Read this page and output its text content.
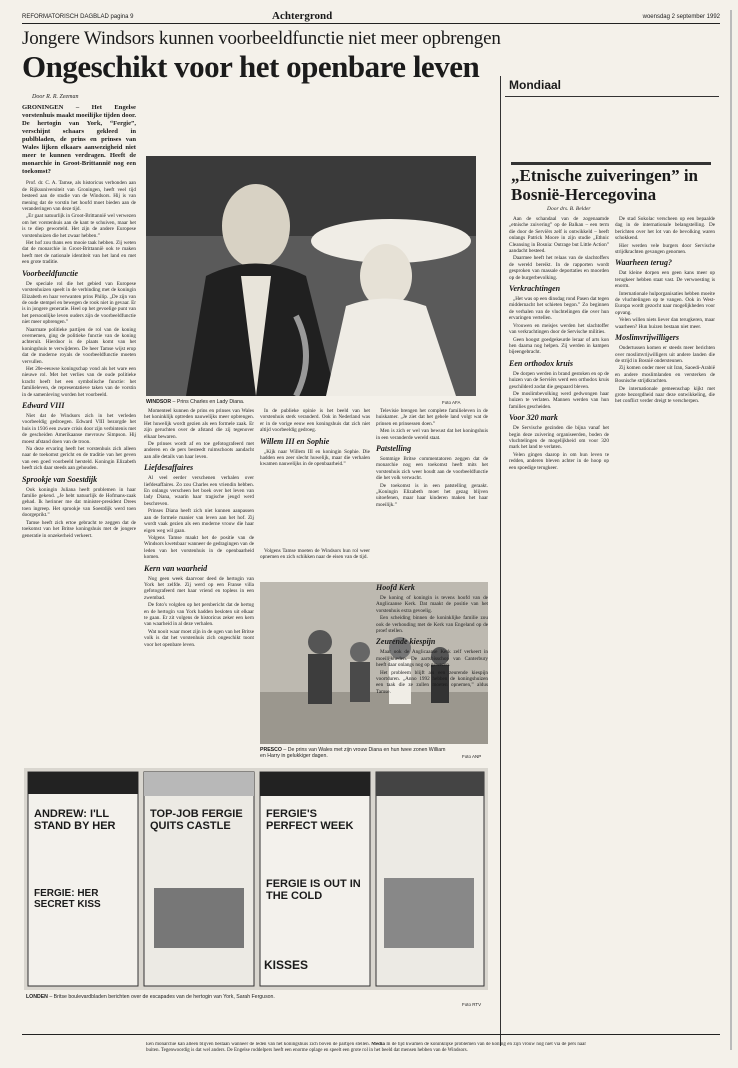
REFORMATORISCH DAGBLAD pagina 9	Achtergrond	woensdag 2 september 1992
Jongere Windsors kunnen voorbeeldfunctie niet meer opbrengen
Ongeschikt voor het openbare leven
Door R. R. Zeeman
GRONINGEN – Het Engelse vorstenhuis maakt moeilijke tijden door. De hertogin van York, “Fergie”, verschijnt schaars gekleed in publbladen, de prins en prinses van Wales lijken elkaars aanwezigheid niet meer te kunnen verdragen. Heeft de monarchie in Groot-Brittannië nog een toekomst?

Prof. dr. C. A. Tamse, als historicus verbonden aan de Rijksuniversiteit van Groningen, heeft veel tijd besteed aan de studie van de Windsors. Hij is van mening dat de vorstin het hoofd moet bieden aan de veranderingen van deze tijd.

„Er gaat natuurlijk in Groot-Brittannië wel verwezen om het vorstenhuis aan de kant te schuiven, maar het is te diep geworteld. Het zijn de andere Europese vorstenhuizen die het zwaar hebben.”

Het hof zou thans een mooie taak hebben. Zij weten dat de monarchie in Groot-Brittannië ook te maken heeft met de nationale identiteit van het land en met een grote traditie.

Voorbeeldfunctie

De speciale rol die het gebied van Europese vorstenhuizen speelt in de verbinding met de koningin Elizabeth en haar verwanten prins Philip. „De zijn van de oude stempel en bewegen de rook niet in gevaar. Er is in jongere generatie. Heel op het gevoelige punt van het persoonlijke leven ouders zijn de voorbeeldfunctie niet meer opbrengen.”

Naarmate politieke partijen de rol van de koning overnemen, ging de politieke functie van de koning achteruit. Hierdoor is de plaats komt van het koningshuis te verwijderen. De heer Tamse wijst erop dat de moderne royals de voorbeeldfunctie moeten vervullen.

Het 20e-eeuwse koningschap vond als het ware een nieuwe rol. Met het verlies van de oude politieke kracht heeft het een symbolische functie: het familieleven, de representatieve taken van de vorstin in de samenleving worden het voorbeeld.

Edward VIII

Niet dat de Windsors zich in het verleden voorbeeldig gedroegen. Edward VIII bezorgde het huis in 1936 een zware crisis door zijn verbintenis met de gescheiden Amerikaanse mevrouw Simpson. Hij moest afstand doen van de troon.

Na deze ervaring heeft het vorstenhuis zich alleen naar de toekomst gericht en de traditie van het geven van een goed voorbeeld hersteld. Koningin Elizabeth heeft zich daar steeds aan gehouden.

Sprookje van Soestdijk

Ook koningin Juliana heeft problemen in haar familie gekend. „Je hebt natuurlijk de Hofmans-zaak gehad. Ik herinner me dat minister-president Drees toen ingreep. Het sprookje van Soestdijk werd toen doorgeprikt.”

Tamse heeft zich ertoe gebracht te zeggen dat de toekomst van het Britse koningshuis met de jongere generatie in onzekerheid verkeert.

WINDSOR – Prins Charles en Lady Diana.	Foto AFA

Momenteel kunnen de prins en prinses van Wales het koninklijk optreden nauwelijks meer opbrengen. Het huwelijk wordt gezien als een formele zaak. Er zijn geruchten over de afstand die zij tegenover elkaar bewaren.

De prinses wordt af en toe gefotografeerd met anderen en de pers besteedt ruimschoots aandacht aan alle details van haar leven.

Liefdesaffaires

Al veel eerder verschenen verhalen over liefdesaffaires. Zo zou Charles een vriendin hebben. En onlangs verscheen het boek over het leven van lady Diana, waarin haar tragische jeugd werd beschreven.

Prinses Diana heeft zich niet kunnen aanpassen aan de formele manier van leven aan het hof. Zij wordt vaak gezien als een moderne vrouw die haar eigen weg wil gaan.

Volgens Tamse maakt het de positie van de Windsors kwetsbaar wanneer de gedragingen van de leden van het vorstenhuis in de openbaarheid komen.

Kern van waarheid

Nog geen week daarvoor deed de hertogin van York het zelfde. Zij werd op een Franse villa gefotografeerd met haar vriend en topless in een zwembad.

De foto's volgden op het persbericht dat de hertog en de hertogin van York hadden besloten uit elkaar te gaan. Er zit volgens de historicus zeker een kern van waarheid in al deze verhalen.

Wat nooit waar moet zijn in de ogen van het Britse volk is dat het vorstenhuis zich ongeschikt toont voor het openbare leven.

In de publieke opinie is het beeld van het vorstenhuis sterk veranderd. Ook in Nederland was er in de vorige eeuw een koningshuis dat zich niet altijd voorbeeldig gedroeg.

Willem III en Sophie

„Kijk naar Willem III en koningin Sophie. Die hadden een zeer slecht huwelijk, maar die verhalen kwamen nauwelijks in de openbaarheid.”

Televisie brengen het complete familieleven in de huiskamer. „Je ziet dat het gehele land volgt wat de prinsen en prinsessen doen.”

Men is zich er wel van bewust dat het koningshuis in een veranderde wereld staat.

Patstelling

Sommige Britse commentatoren zeggen dat de monarchie nog een toekomst heeft mits het vorstenhuis zich weer houdt aan de voorbeeldfunctie die het volk verwacht.

De toekomst is in een patstelling geraakt. „Koningin Elizabeth moet het gezag blijven uitoefenen, maar haar kinderen maken het haar moeilijk.”

PRESCO – De prins van Wales met zijn vrouw Diana en hun twee zonen William en Harry in gelukkiger dagen.	Foto ANP
ANDREW: I'LL STAND BY HER
TOP-JOB FERGIE QUITS CASTLE
FERGIE'S PERFECT WEEK
FERGIE: HER SECRET KISS
FERGIE IS OUT IN THE COLD
KISSES
LONDEN – Britse boulevardbladen berichten over de escapades van de hertogin van York, Sarah Ferguson.
Foto RTV
Mondiaal
„Etnische zuiveringen” in Bosnië-Hercegovina
Door drs. B. Belder

Aan de schandaal van de zogenaamde „etnische zuivering” op de Balkan – een term die door de Serviërs zelf is ontwikkeld – heeft onlangs Patrick Moore in zijn studie „Ethnic Cleansing in Bosnia: Outrage but Little Action” aandacht besteed.

Daarmee heeft het relaas van de slachtoffers de wereld bereikt. In de rapporten wordt gesproken van massale deportaties en moorden op de burgerbevolking.

Verkrachtingen

„Het was op een dinsdag rond Pasen dat tegen middernacht het schieten begon.” Zo beginnen de verhalen van de vluchtelingen die over hun ervaringen vertellen.

Vrouwen en meisjes werden het slachtoffer van verkrachtingen door de Servische milities.

Geen hoogst goedgekeurde leraar of arts kon hen daarna nog helpen. Zij werden in kampen bijeengebracht.

Een orthodox kruis

De dorpen werden in brand gestoken en op de huizen van de Serviërs werd een orthodox kruis geschilderd zodat die gespaard bleven.

De moslimbevolking werd gedwongen haar huizen te verlaten. Mannen werden van hun families gescheiden.

Voor 320 mark

De Servische gezinden die bijna vanaf het begin deze zuivering organiseerden, boden de vluchtelingen de mogelijkheid om voor 320 mark het land te verlaten.

Velen gingen daarop in om hun leven te redden, anderen bleven achter in de hoop op een spoedige terugkeer.

De stad Sokolac verscheen op een bepaalde dag in de internationale belangstelling. De berichten over het lot van de bevolking waren schokkend.

Hier werden vele burgers door Servische strijdkrachten gevangen genomen.

Waarheen terug?

Dat kleine dorpen een geen kans meer op terugkeer hebben staat vast. De verwoesting is enorm.

Internationale hulporganisaties hebben moeite de vluchtelingen op te vangen. Ook in West-Europa wordt gezocht naar mogelijkheden voor opvang.

Velen willen niets liever dan terugkeren, maar waarheen? Hun huizen bestaan niet meer.

Moslimvrijwilligers

Ondertussen komen er steeds meer berichten over moslimvrijwilligers uit andere landen die de strijd in Bosnië ondersteunen.

Zij komen onder meer uit Iran, Saoedi-Arabië en andere moslimlanden en versterken de Bosnische strijdkrachten.

De internationale gemeenschap kijkt met grote bezorgdheid naar deze ontwikkeling, die het conflict verder dreigt te verscherpen.

Hoofd Kerk

De koning of koningin is tevens hoofd van de Anglicaanse Kerk. Dat maakt de positie van het vorstenhuis extra gevoelig.

Een scheiding binnen de koninklijke familie zou ook de verhouding met de Kerk van Engeland op de proef stellen.

Zeurende kiespijn

Maar ook de Anglicaanse Kerk zelf verkeert in moeilijkheden. De aartsbisschop van Canterbury heeft daar onlangs nog op gewezen.

Het probleem blijft als een zeurende kiespijn voortduren. „Anno 1992 hebben de koningshuizen een taak die ze zullen moeten opnemen,” aldus Tamse.

Volgens Tamse moeten de Windsors hun rol weer opnemen en zich schikken naar de eisen van de tijd.

Een monarchie kan alleen blijven bestaan wanneer de leden van het koningshuis zich boven de partijen stellen. Media In de tijd kwamen de koninklijke problemen van de koning en zijn vrouw nog niet via de pers naar buiten. Tegenwoordig is dat wel anders. De Engelse roddelpers heeft een enorme oplage en speelt een grote rol in het beeld dat mensen hebben van de Windsors.
